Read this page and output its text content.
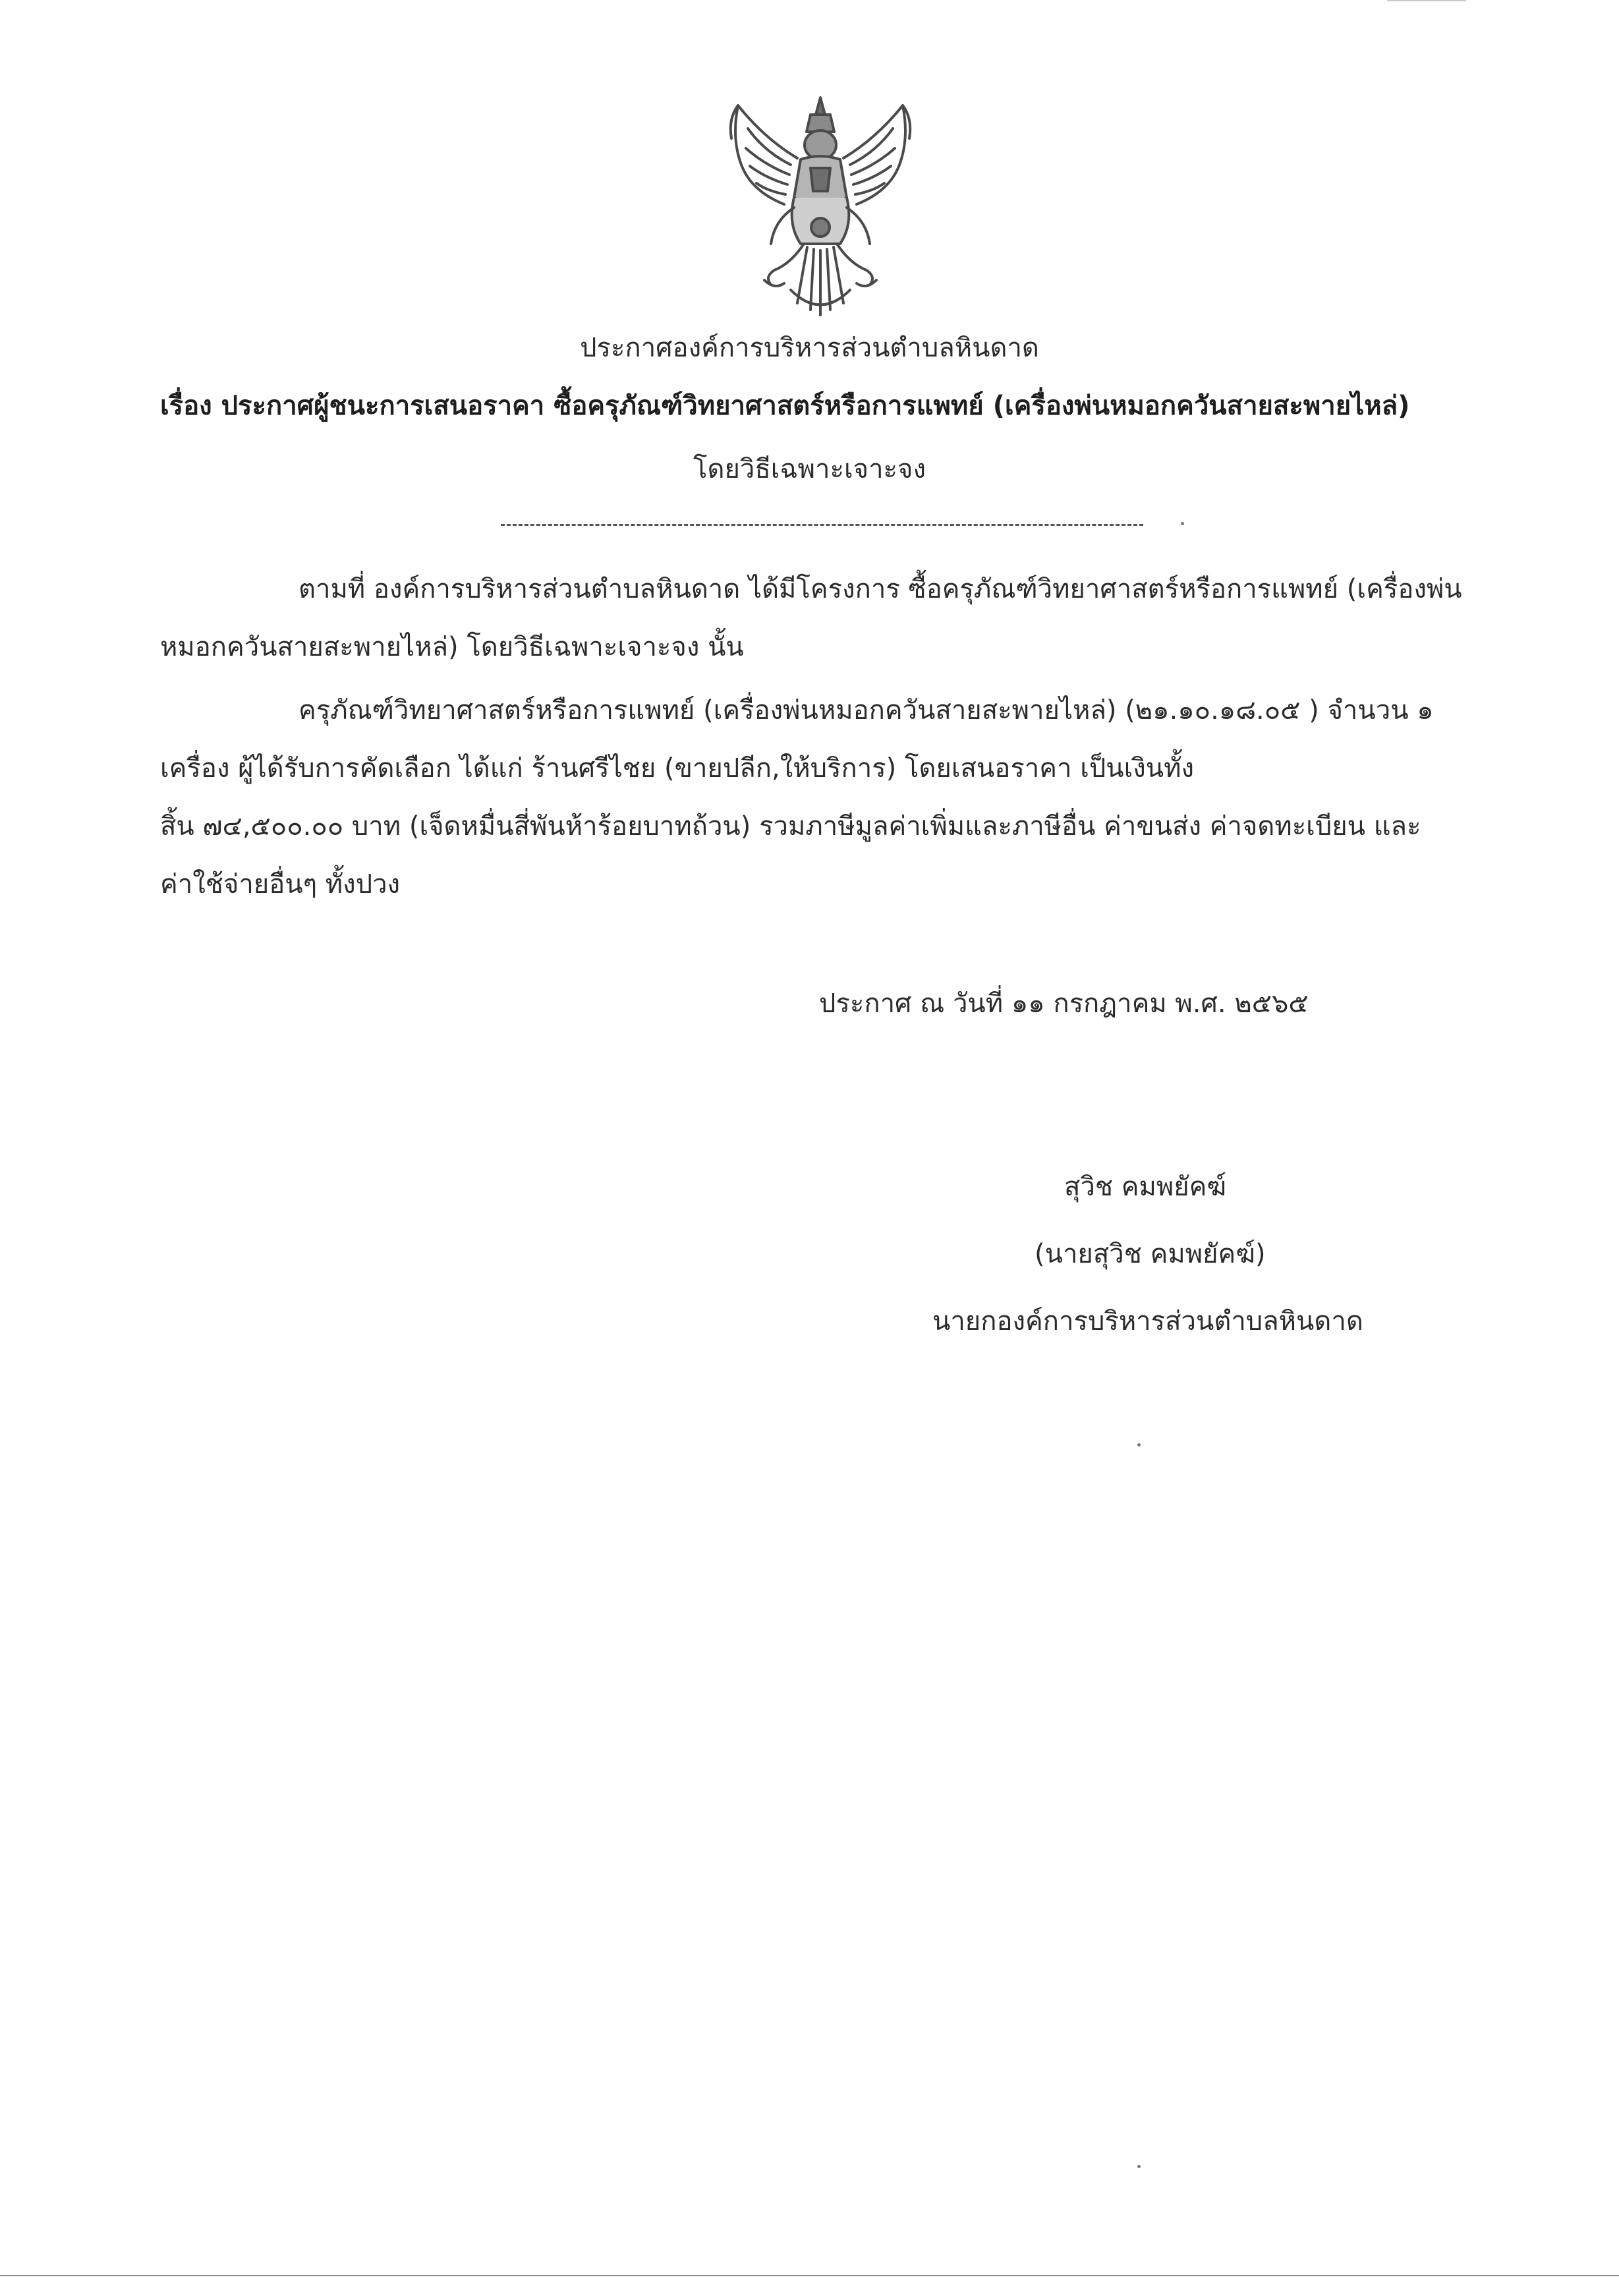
ประกาศองค์การบริหารส่วนตำบลหินดาด
เรื่อง ประกาศผู้ชนะการเสนอราคา ซื้อครุภัณฑ์วิทยาศาสตร์หรือการแพทย์ (เครื่องพ่นหมอกควันสายสะพายไหล่)
โดยวิธีเฉพาะเจาะจง
ตามที่ องค์การบริหารส่วนตำบลหินดาด ได้มีโครงการ ซื้อครุภัณฑ์วิทยาศาสตร์หรือการแพทย์ (เครื่องพ่น
หมอกควันสายสะพายไหล่) โดยวิธีเฉพาะเจาะจง นั้น
ครุภัณฑ์วิทยาศาสตร์หรือการแพทย์ (เครื่องพ่นหมอกควันสายสะพายไหล่) (๒๑.๑๐.๑๘.๐๕ ) จำนวน ๑
เครื่อง ผู้ได้รับการคัดเลือก ได้แก่ ร้านศรีไชย (ขายปลีก,ให้บริการ) โดยเสนอราคา เป็นเงินทั้ง
สิ้น ๗๔,๕๐๐.๐๐ บาท (เจ็ดหมื่นสี่พันห้าร้อยบาทถ้วน) รวมภาษีมูลค่าเพิ่มและภาษีอื่น ค่าขนส่ง ค่าจดทะเบียน และ
ค่าใช้จ่ายอื่นๆ ทั้งปวง
ประกาศ ณ วันที่ ๑๑ กรกฎาคม พ.ศ. ๒๕๖๕
สุวิช คมพยัคฆ์
(นายสุวิช คมพยัคฆ์)
นายกองค์การบริหารส่วนตำบลหินดาด
